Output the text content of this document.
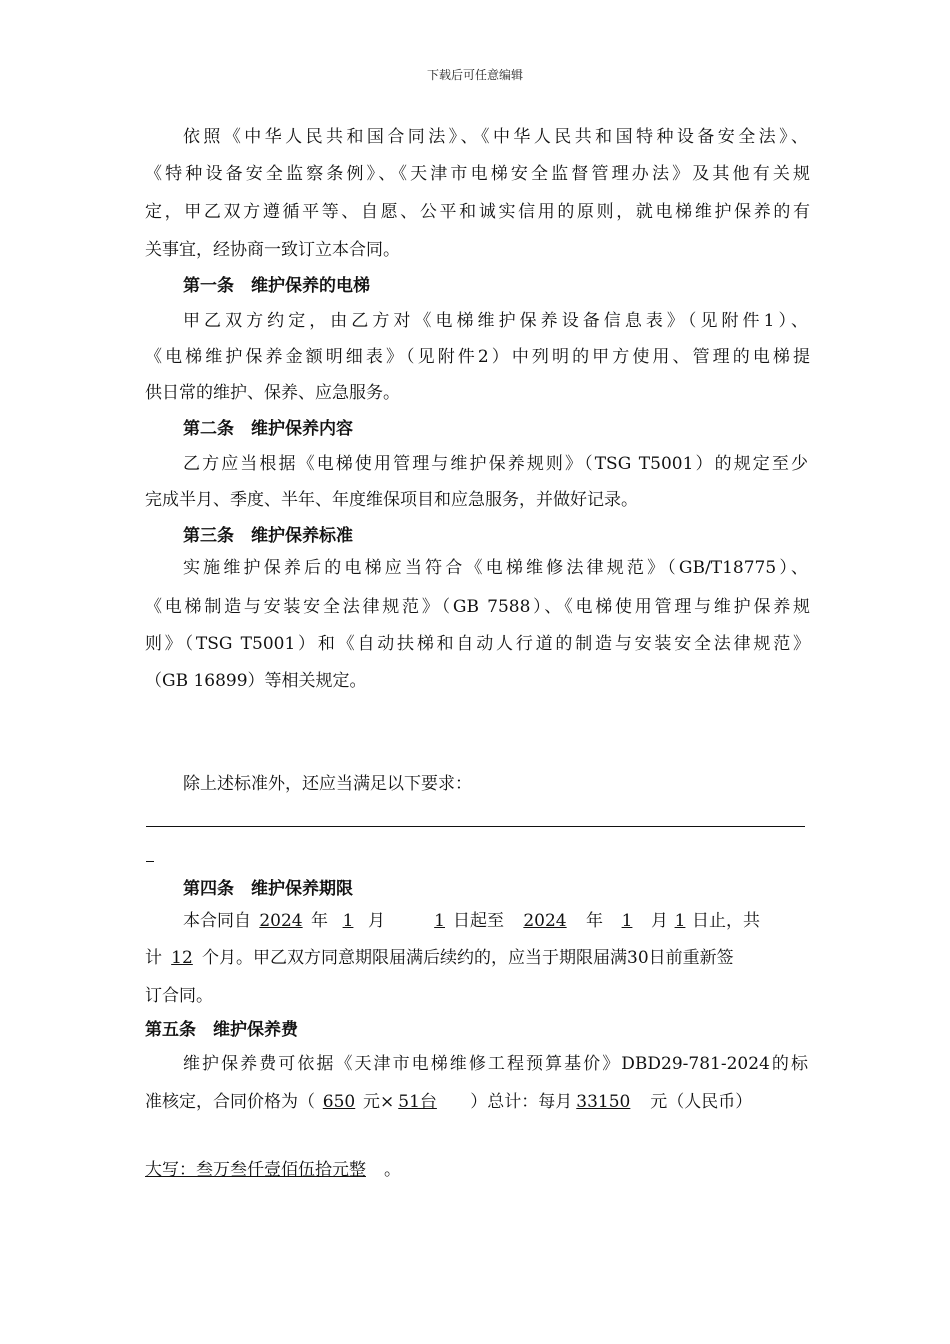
下载后可任意编辑
依照《中华人民共和国合同法》、《中华人民共和国特种设备安全法》、
《特种设备安全监察条例》、《天津市电梯安全监督管理办法》及其他有关规
定，甲乙双方遵循平等、自愿、公平和诚实信用的原则，就电梯维护保养的有
关事宜，经协商一致订立本合同。
第一条　维护保养的电梯
甲乙双方约定，由乙方对《电梯维护保养设备信息表》（见附件1）、
《电梯维护保养金额明细表》（见附件2）中列明的甲方使用、管理的电梯提
供日常的维护、保养、应急服务。
第二条　维护保养内容
乙方应当根据《电梯使用管理与维护保养规则》（TSG T5001）的规定至少
完成半月、季度、半年、年度维保项目和应急服务，并做好记录。
第三条　维护保养标准
实施维护保养后的电梯应当符合《电梯维修法律规范》（GB/T18775）、
《电梯制造与安装安全法律规范》（GB 7588）、《电梯使用管理与维护保养规
则》（TSG T5001）和《自动扶梯和自动人行道的制造与安装安全法律规范》
（GB 16899）等相关规定。
除上述标准外，还应当满足以下要求：
第四条　维护保养期限
本合同自 2024 年 1 月	1 日起至 2024 年 1 月 1 日止，共
计 12 个月。甲乙双方同意期限届满后续约的，应当于期限届满30日前重新签
订合同。
第五条　维护保养费
维护保养费可依据《天津市电梯维修工程预算基价》DBD29-781-2024的标
准核定，合同价格为（ 650 元× 51台 ）总计：每月 33150 元（人民币）
大写：叁万叁仟壹佰伍拾元整 。
